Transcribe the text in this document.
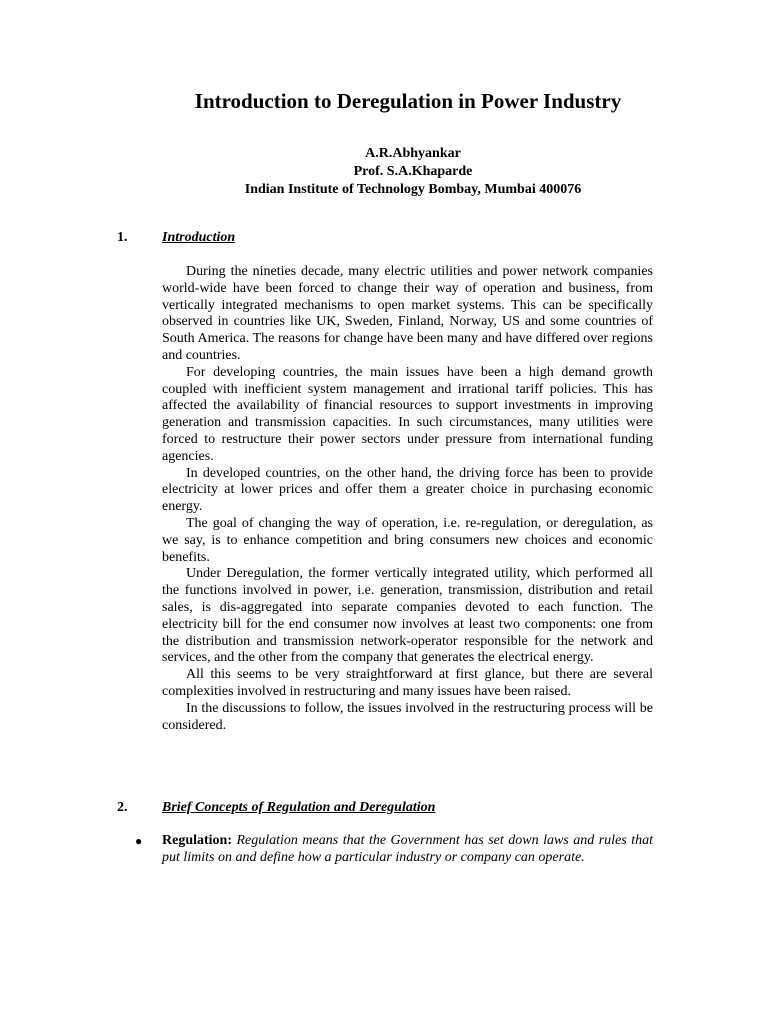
Introduction to Deregulation in Power Industry
A.R.Abhyankar
Prof. S.A.Khaparde
Indian Institute of Technology Bombay, Mumbai 400076
1. Introduction

During the nineties decade, many electric utilities and power network companies world-wide have been forced to change their way of operation and business, from vertically integrated mechanisms to open market systems. This can be specifically observed in countries like UK, Sweden, Finland, Norway, US and some countries of South America. The reasons for change have been many and have differed over regions and countries.

For developing countries, the main issues have been a high demand growth coupled with inefficient system management and irrational tariff policies. This has affected the availability of financial resources to support investments in improving generation and transmission capacities. In such circumstances, many utilities were forced to restructure their power sectors under pressure from international funding agencies.

In developed countries, on the other hand, the driving force has been to provide electricity at lower prices and offer them a greater choice in purchasing economic energy.

The goal of changing the way of operation, i.e. re-regulation, or deregulation, as we say, is to enhance competition and bring consumers new choices and economic benefits.

Under Deregulation, the former vertically integrated utility, which performed all the functions involved in power, i.e. generation, transmission, distribution and retail sales, is dis-aggregated into separate companies devoted to each function. The electricity bill for the end consumer now involves at least two components: one from the distribution and transmission network-operator responsible for the network and services, and the other from the company that generates the electrical energy.

All this seems to be very straightforward at first glance, but there are several complexities involved in restructuring and many issues have been raised.

In the discussions to follow, the issues involved in the restructuring process will be considered.

2. Brief Concepts of Regulation and Deregulation
●	Regulation: Regulation means that the Government has set down laws and rules that put limits on and define how a particular industry or company can operate.
